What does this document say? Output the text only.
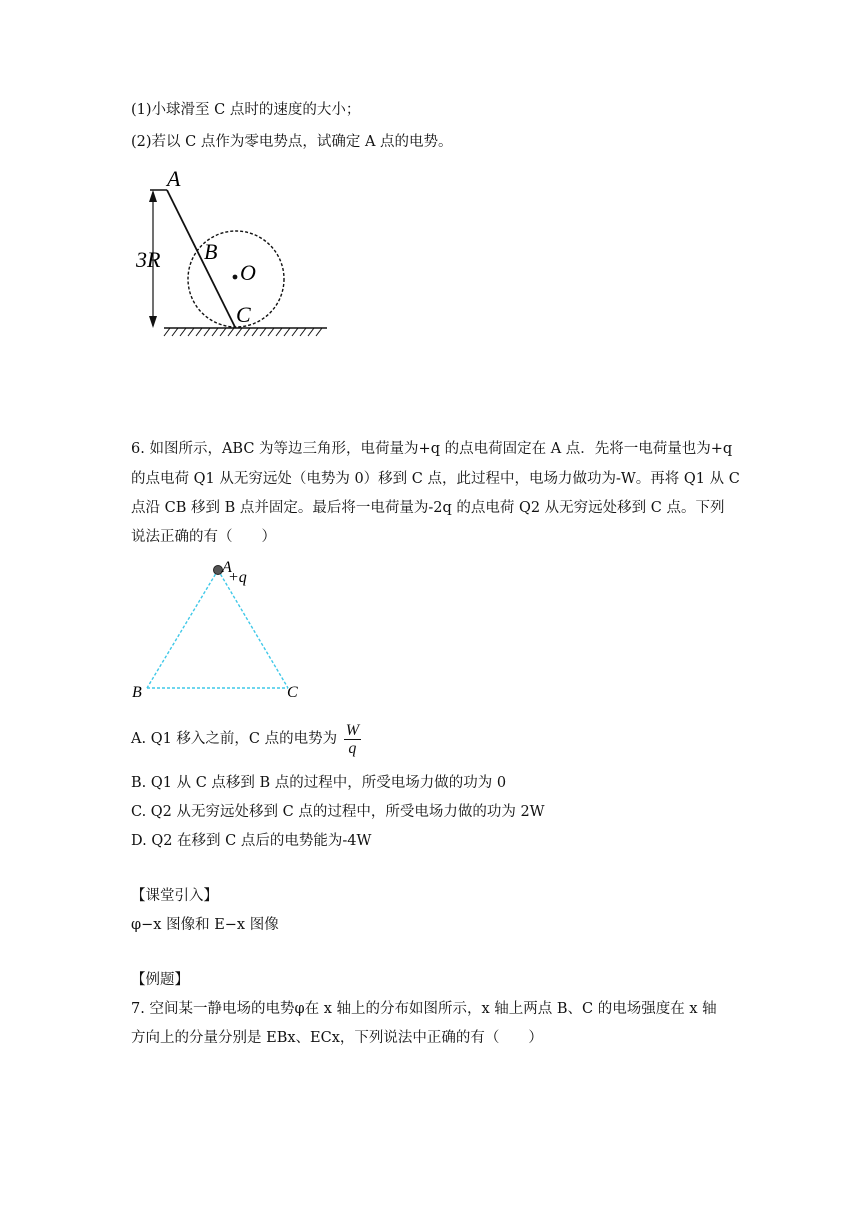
(1)小球滑至 C 点时的速度的大小；
(2)若以 C 点作为零电势点，试确定 A 点的电势。
A
B
O
C
3R
6. 如图所示，ABC 为等边三角形，电荷量为+q 的点电荷固定在 A 点．先将一电荷量也为+q
的点电荷 Q1 从无穷远处（电势为 0）移到 C 点，此过程中，电场力做功为-W。再将 Q1 从 C
点沿 CB 移到 B 点并固定。最后将一电荷量为-2q 的点电荷 Q2 从无穷远处移到 C 点。下列
说法正确的有（　　）
A
+q
B	C
A. Q1 移入之前，C 点的电势为 $\frac{W}{q}$
B. Q1 从 C 点移到 B 点的过程中，所受电场力做的功为 0
C. Q2 从无穷远处移到 C 点的过程中，所受电场力做的功为 2W
D. Q2 在移到 C 点后的电势能为-4W
【课堂引入】
φ−x 图像和 E−x 图像
【例题】
7. 空间某一静电场的电势φ在 x 轴上的分布如图所示，x 轴上两点 B、C 的电场强度在 x 轴
方向上的分量分别是 EBx、ECx，下列说法中正确的有（　　）
